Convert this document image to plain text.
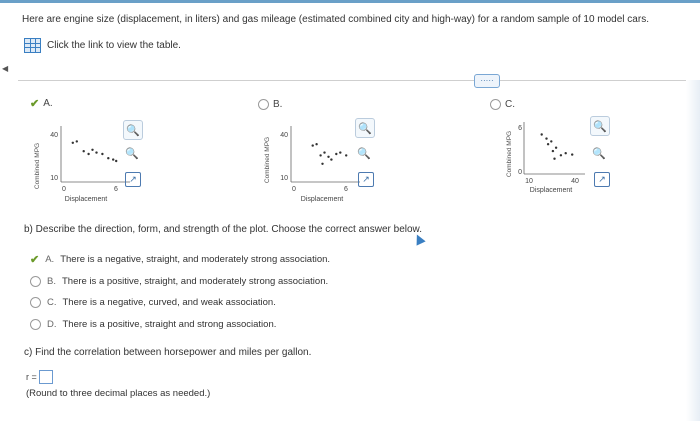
◀
Here are engine size (displacement, in liters) and gas mileage (estimated combined city and high-way) for a random sample of 10 model cars.
Click the link to view the table.
·····
✔ A.
Combined MPG
40
10
0	6
Displacement
🔍
🔍
↗
B.
Combined MPG
40
10
0	6
Displacement
🔍
🔍
↗
C.
Combined MPG
6
0
10	40
Displacement
🔍
🔍
↗
b) Describe the direction, form, and strength of the plot. Choose the correct answer below.
✔ A. There is a negative, straight, and moderately strong association.
B. There is a positive, straight, and moderately strong association.
C. There is a negative, curved, and weak association.
D. There is a positive, straight and strong association.
c) Find the correlation between horsepower and miles per gallon.
r =
(Round to three decimal places as needed.)
